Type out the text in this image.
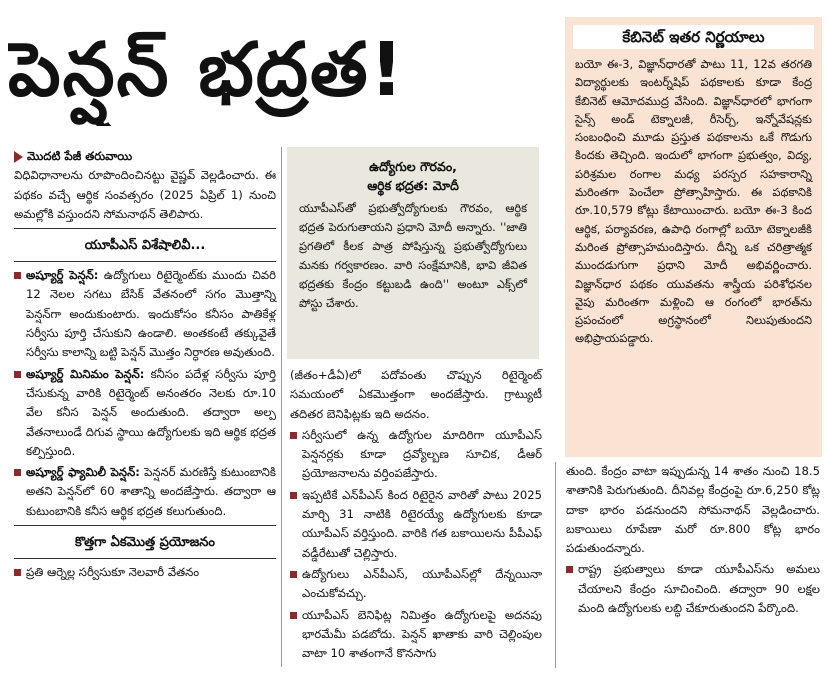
పెన్షన్ భద్రత!
మొదటి పేజీ తరువాయి

విధివిధానాలను రూపొందించినట్టు వైష్ణవ్ వెల్లడించారు. ఈ పథకం వచ్చే ఆర్థిక సంవత్సరం (2025 ఏప్రిల్ 1) నుంచి అమల్లోకి వస్తుందని సోమనాథన్ తెలిపారు.

యూపీఎస్ విశేషాలివీ...
అష్యూర్డ్ పెన్షన్: ఉద్యోగులు రిటైర్మెంట్‌కు ముందు చివరి 12 నెలల సగటు బేసిక్ వేతనంలో సగం మొత్తాన్ని పెన్షన్‌గా అందుకుంటారు. ఇందుకోసం కనీసం పాతికేళ్ల సర్వీసు పూర్తి చేసుకుని ఉండాలి. అంతకంటే తక్కువైతే సర్వీసు కాలాన్ని బట్టి పెన్షన్ మొత్తం నిర్ధారణ అవుతుంది.
అష్యూర్డ్ మినిమం పెన్షన్: కనీసం పదేళ్ల సర్వీసు పూర్తి చేసుకున్న వారికి రిటైర్మెంట్ అనంతరం నెలకు రూ.10 వేల కనీస పెన్షన్ అందుతుంది. తద్వారా అల్ప వేతనాలుండే దిగువ స్థాయి ఉద్యోగులకు ఇది ఆర్థిక భద్రత కల్పిస్తుంది.
అష్యూర్డ్ ఫ్యామిలీ పెన్షన్: పెన్షనర్ మరణిస్తే కుటుంబానికి అతని పెన్షన్‌లో 60 శాతాన్ని అందజేస్తారు. తద్వారా ఆ కుటుంబానికి కనీస ఆర్థిక భద్రత కలుగుతుంది.
కొత్తగా ఏకమొత్త ప్రయోజనం
ప్రతి ఆర్నెల్ల సర్వీసుకూ నెలవారీ వేతనం
ఉద్యోగుల గౌరవం,
ఆర్థిక భద్రత: మోదీ
యూపీఎస్‌తో ప్రభుత్వోద్యోగులకు గౌరవం, ఆర్థిక భద్రత పెరుగుతాయని ప్రధాని మోదీ అన్నారు. ''జాతి ప్రగతిలో కీలక పాత్ర పోషిస్తున్న ప్రభుత్వోద్యోగులు మనకు గర్వకారణం. వారి సంక్షేమానికి, భావి జీవిత భద్రతకు కేంద్రం కట్టుబడి ఉంది'' అంటూ ఎక్స్‌లో పోస్టు చేశారు.

(జీతం+డీఏ)లో పదోవంతు చొప్పున రిటైర్మెంట్ సమయంలో ఏకమొత్తంగా అందజేస్తారు. గ్రాట్యుటీ తదితర బెనిఫిట్లకు ఇది అదనం.

సర్వీసులో ఉన్న ఉద్యోగుల మాదిరిగా యూపీఎస్ పెన్షనర్లకు కూడా ద్రవ్యోల్బణ సూచిక, డీఆర్ ప్రయోజనాలను వర్తింపజేస్తారు.
ఇప్పటికే ఎన్‌పీఎస్ కింద రిటైరైన వారితో పాటు 2025 మార్చి 31 నాటికి రిటైరయ్యే ఉద్యోగులకు కూడా యూపీఎస్ వర్తిస్తుంది. వారికి గత బకాయిలను పీపీఎఫ్ వడ్డీరేటుతో చెల్లిస్తారు.
ఉద్యోగులు ఎన్‌పీఎస్, యూపీఎస్‌ల్లో దేన్నయినా ఎంచుకోవచ్చు.
యూపీఎస్ బెనిఫిట్ల నిమిత్తం ఉద్యోగులపై అదనపు భారమేమీ పడబోదు. పెన్షన్ ఖాతాకు వారి చెల్లింపుల వాటా 10 శాతంగానే కొనసాగు
కేబినెట్ ఇతర నిర్ణయాలు
బయో ఈ-3, విజ్ఞాన్‌ధారతో పాటు 11, 12వ తరగతి విద్యార్థులకు ఇంటర్న్‌షిప్ పథకాలకు కూడా కేంద్ర కేబినెట్ ఆమోదముద్ర వేసింది. విజ్ఞాన్‌ధారలో భాగంగా సైన్స్ అండ్ టెక్నాలజీ, రీసెర్చ్, ఇన్నోవేషన్లకు సంబంధించి మూడు ప్రస్తుత పథకాలను ఒకే గొడుగు కిందకు తెచ్చింది. ఇందులో భాగంగా ప్రభుత్వం, విద్య, పరిశ్రమల రంగాల మధ్య పరస్పర సహకారాన్ని మరింతగా పెంచేలా ప్రోత్సాహిస్తారు. ఈ పథకానికి రూ.10,579 కోట్లు కేటాయించారు. బయో ఈ-3 కింద ఆర్థిక, పర్యావరణ, ఉపాధి రంగాల్లో బయో టెక్నాలజీకి మరింత ప్రోత్సాహమందిస్తారు. దీన్ని ఒక చరిత్రాత్మక ముందడుగుగా ప్రధాని మోదీ అభివర్ణించారు. విజ్ఞాన్‌ధార పథకం యువతను శాస్త్రీయ పరిశోధనల వైపు మరింతగా మళ్లించి ఆ రంగంలో భారత్‌ను ప్రపంచంలో అగ్రస్థానంలో నిలుపుతుందని అభిప్రాయపడ్డారు.

తుంది. కేంద్రం వాటా ఇప్పుడున్న 14 శాతం నుంచి 18.5 శాతానికి పెరుగుతుంది. దీనివల్ల కేంద్రంపై రూ.6,250 కోట్ల దాకా భారం పడనుందని సోమనాథన్ వెల్లడించారు. బకాయిలు రూపేణా మరో రూ.800 కోట్ల భారం పడుతుందన్నారు.

రాష్ట్ర ప్రభుత్వాలు కూడా యూపీఎస్‌ను అమలు చేయాలని కేంద్రం సూచించింది. తద్వారా 90 లక్షల మంది ఉద్యోగులకు లబ్ధి చేకూరుతుందని పేర్కొంది.
